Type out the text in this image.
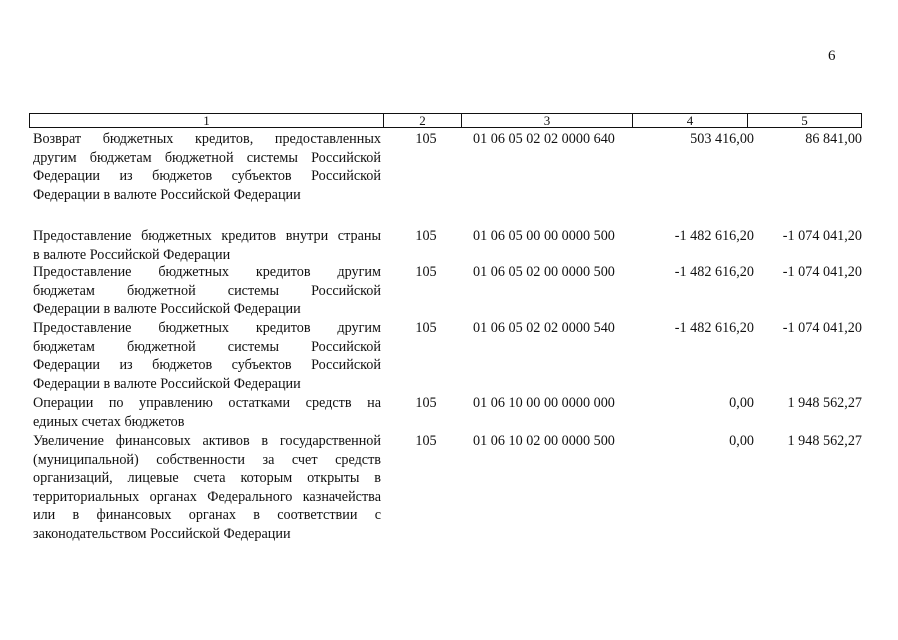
6
1	2	3	4	5
Возврат бюджетных кредитов, предоставленных
другим бюджетам бюджетной системы Российской
Федерации из бюджетов субъектов Российской
Федерации в валюте Российской Федерации
105	01 06 05 02 02 0000 640	503 416,00	86 841,00
Предоставление бюджетных кредитов внутри страны
в валюте Российской Федерации
105	01 06 05 00 00 0000 500	-1 482 616,20	-1 074 041,20
Предоставление бюджетных кредитов другим
бюджетам бюджетной системы Российской
Федерации в валюте Российской Федерации
105	01 06 05 02 00 0000 500	-1 482 616,20	-1 074 041,20
Предоставление бюджетных кредитов другим
бюджетам бюджетной системы Российской
Федерации из бюджетов субъектов Российской
Федерации в валюте Российской Федерации
105	01 06 05 02 02 0000 540	-1 482 616,20	-1 074 041,20
Операции по управлению остатками средств на
единых счетах бюджетов
105	01 06 10 00 00 0000 000	0,00	1 948 562,27
Увеличение финансовых активов в государственной
(муниципальной) собственности за счет средств
организаций, лицевые счета которым открыты в
территориальных органах Федерального казначейства
или в финансовых органах в соответствии с
законодательством Российской Федерации
105	01 06 10 02 00 0000 500	0,00	1 948 562,27
